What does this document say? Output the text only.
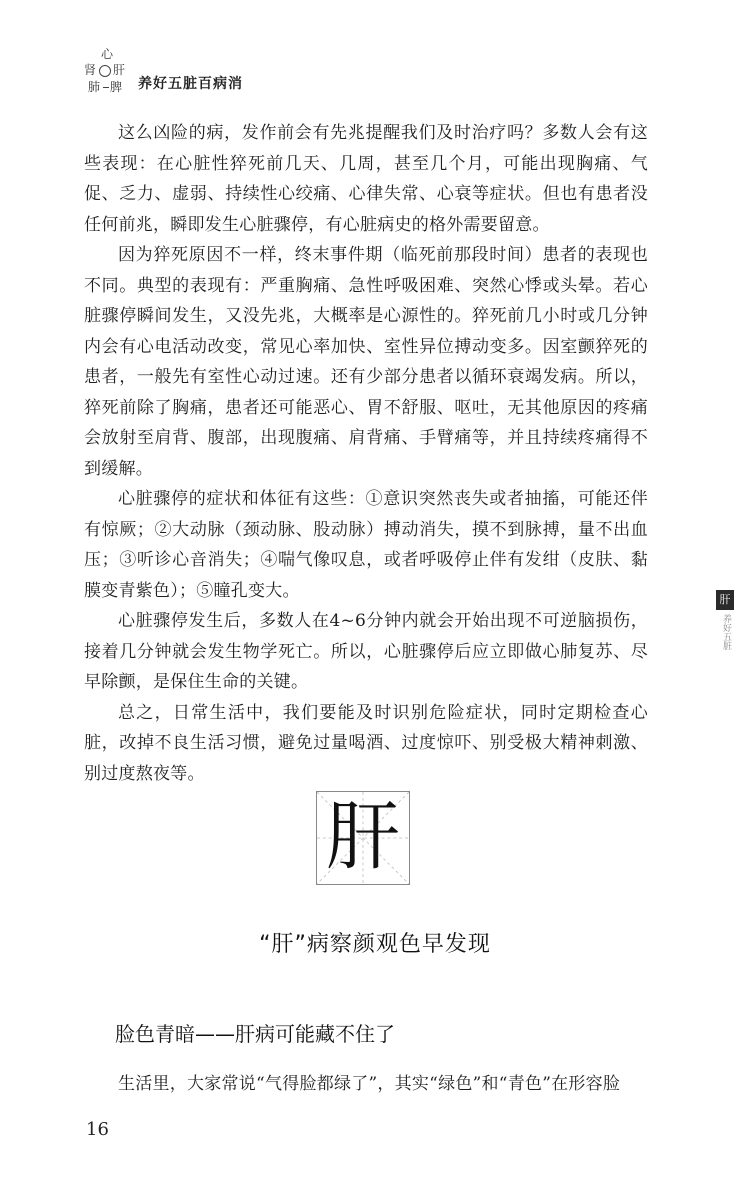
心
肾 肝
肺 脾 养好五脏百病消

这么凶险的病，发作前会有先兆提醒我们及时治疗吗？多数人会有这些表现：在心脏性猝死前几天、几周，甚至几个月，可能出现胸痛、气促、乏力、虚弱、持续性心绞痛、心律失常、心衰等症状。但也有患者没任何前兆，瞬即发生心脏骤停，有心脏病史的格外需要留意。

因为猝死原因不一样，终末事件期（临死前那段时间）患者的表现也不同。典型的表现有：严重胸痛、急性呼吸困难、突然心悸或头晕。若心脏骤停瞬间发生，又没先兆，大概率是心源性的。猝死前几小时或几分钟内会有心电活动改变，常见心率加快、室性异位搏动变多。因室颤猝死的患者，一般先有室性心动过速。还有少部分患者以循环衰竭发病。所以，猝死前除了胸痛，患者还可能恶心、胃不舒服、呕吐，无其他原因的疼痛会放射至肩背、腹部，出现腹痛、肩背痛、手臂痛等，并且持续疼痛得不到缓解。

心脏骤停的症状和体征有这些：①意识突然丧失或者抽搐，可能还伴有惊厥；②大动脉（颈动脉、股动脉）搏动消失，摸不到脉搏，量不出血压；③听诊心音消失；④喘气像叹息，或者呼吸停止伴有发绀（皮肤、黏膜变青紫色）；⑤瞳孔变大。

心脏骤停发生后，多数人在4~6分钟内就会开始出现不可逆脑损伤，接着几分钟就会发生物学死亡。所以，心脏骤停后应立即做心肺复苏、尽早除颤，是保住生命的关键。

总之，日常生活中，我们要能及时识别危险症状，同时定期检查心脏，改掉不良生活习惯，避免过量喝酒、过度惊吓、别受极大精神刺激、别过度熬夜等。

肝
“肝”病察颜观色早发现
脸色青暗——肝病可能藏不住了

生活里，大家常说“气得脸都绿了”，其实“绿色”和“青色”在形容脸

肝
养好五脏
16
